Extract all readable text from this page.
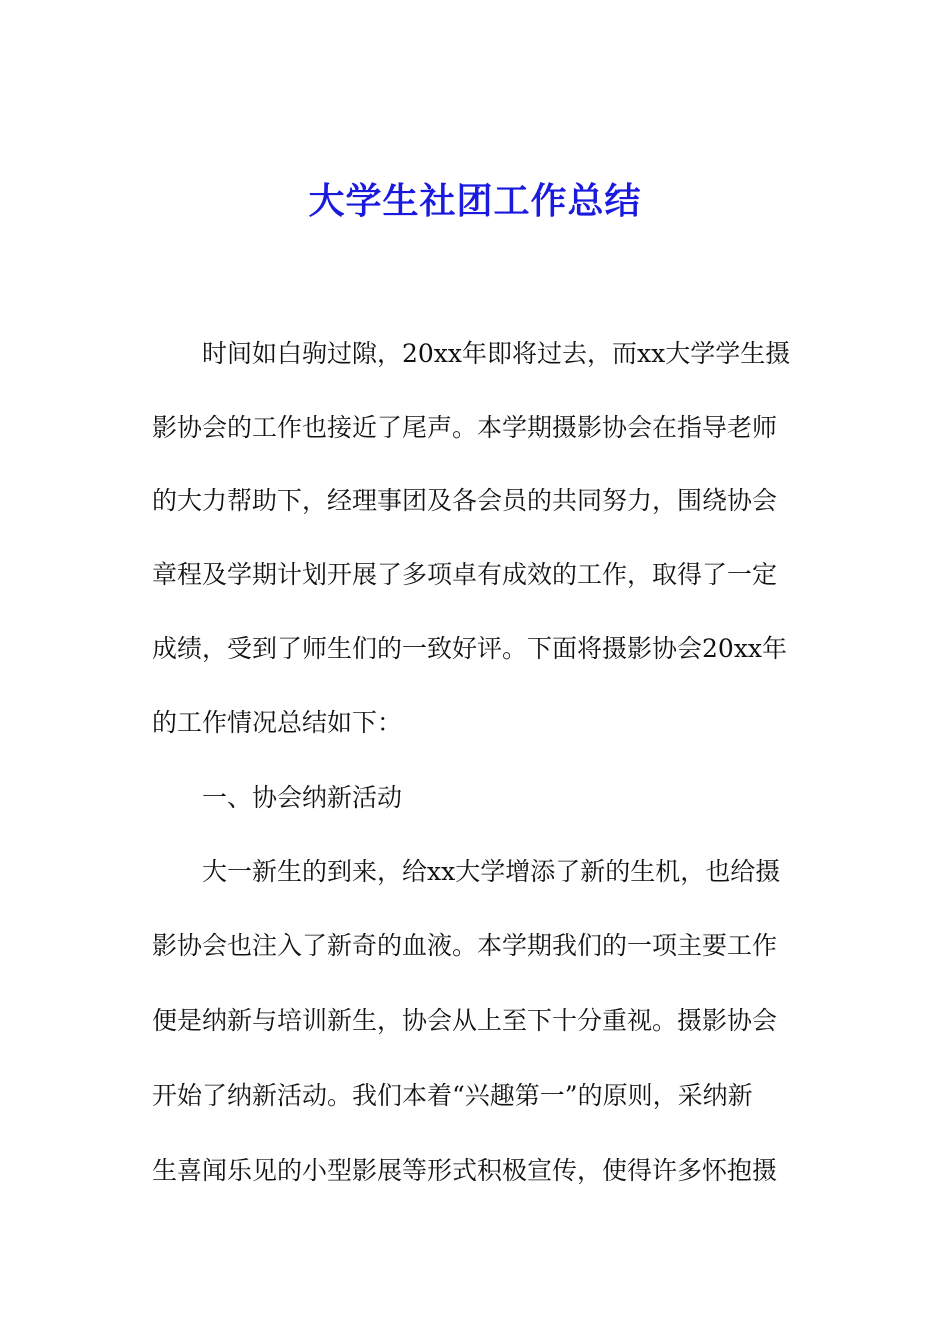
大学生社团工作总结
时间如白驹过隙，20xx年即将过去，而xx大学学生摄
影协会的工作也接近了尾声。本学期摄影协会在指导老师
的大力帮助下，经理事团及各会员的共同努力，围绕协会
章程及学期计划开展了多项卓有成效的工作，取得了一定
成绩，受到了师生们的一致好评。下面将摄影协会20xx年
的工作情况总结如下：
一、协会纳新活动
大一新生的到来，给xx大学增添了新的生机，也给摄
影协会也注入了新奇的血液。本学期我们的一项主要工作
便是纳新与培训新生，协会从上至下十分重视。摄影协会
开始了纳新活动。我们本着“兴趣第一”的原则，采纳新
生喜闻乐见的小型影展等形式积极宣传，使得许多怀抱摄
